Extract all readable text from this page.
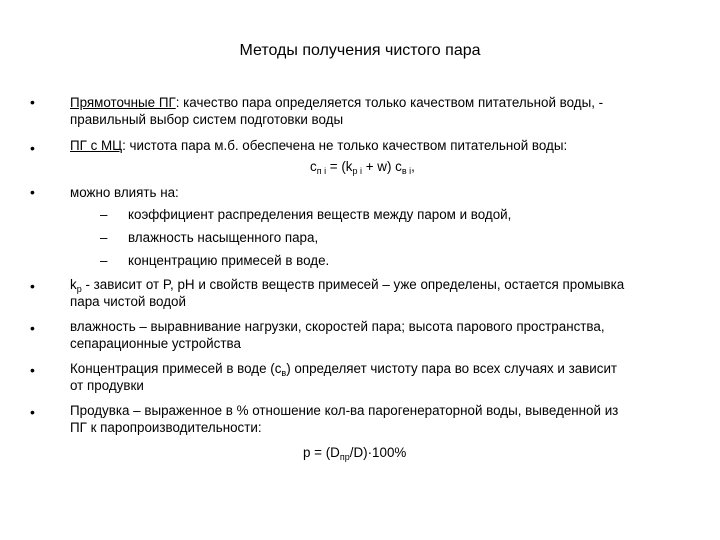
Методы получения чистого пара
•
•
•
•
•
•
•
Прямоточные ПГ: качество пара определяется только качеством питательной воды, -
правильный выбор систем подготовки воды
ПГ с МЦ: чистота пара м.б. обеспечена не только качеством питательной воды:
$c_{п i} = (k_{p i} + w)$ $c_{в i}$,
можно влиять на:
– коэффициент распределения веществ между паром и водой,
– влажность насыщенного пара,
– концентрацию примесей в воде.
$k_p$ - зависит от P, pH и свойств веществ примесей – уже определены, остается промывка
пара чистой водой
влажность – выравнивание нагрузки, скоростей пара; высота парового пространства,
сепарационные устройства
Концентрация примесей в воде $(c_в)$ определяет чистоту пара во всех случаях и зависит
от продувки
Продувка – выраженное в % отношение кол-ва парогенераторной воды, выведенной из
ПГ к паропроизводительности:
$p = (D_{пр}/D)\cdot 100\%$
